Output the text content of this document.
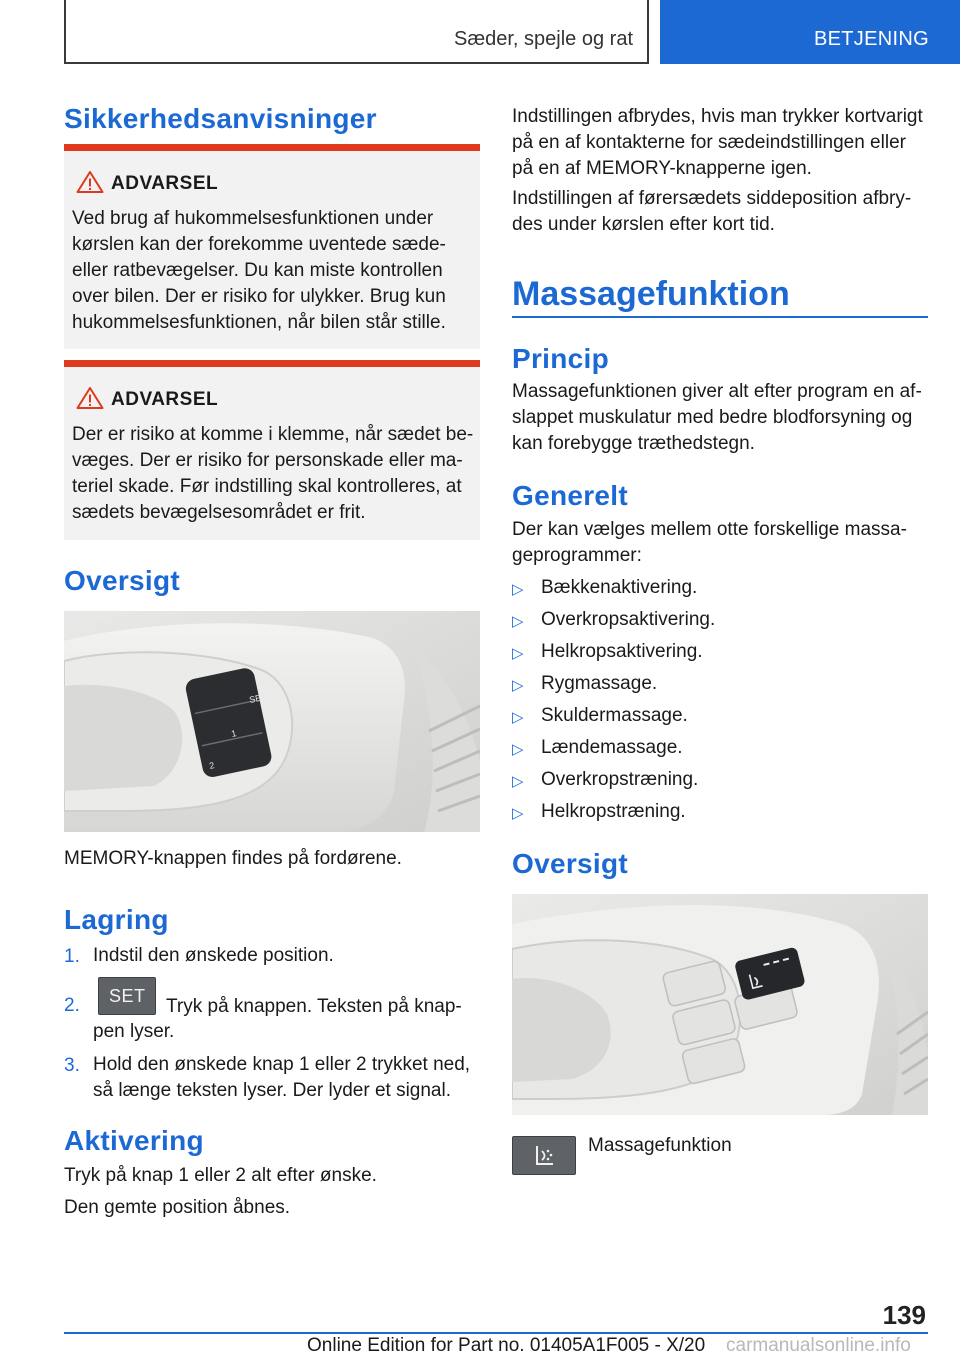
Sæder, spejle og rat	BETJENING
Sikkerhedsanvisninger
ADVARSEL
Ved brug af hukommelsesfunktionen under
kørslen kan der forekomme uventede sæde-
eller ratbevægelser. Du kan miste kontrollen
over bilen. Der er risiko for ulykker. Brug kun
hukommelsesfunktionen, når bilen står stille.
ADVARSEL
Der er risiko at komme i klemme, når sædet be-
væges. Der er risiko for personskade eller ma-
teriel skade. Før indstilling skal kontrolleres, at
sædets bevægelsesområdet er frit.
Oversigt
SET
1
2
MEMORY-knappen findes på fordørene.
Lagring
1. Indstil den ønskede position.
2. SET Tryk på knappen. Teksten på knap-
pen lyser.
3. Hold den ønskede knap 1 eller 2 trykket ned,
så længe teksten lyser. Der lyder et signal.
Aktivering
Tryk på knap 1 eller 2 alt efter ønske.
Den gemte position åbnes.
Indstillingen afbrydes, hvis man trykker kortvarigt
på en af kontakterne for sædeindstillingen eller
på en af MEMORY-knapperne igen.
Indstillingen af førersædets siddeposition afbry-
des under kørslen efter kort tid.
Massagefunktion
Princip
Massagefunktionen giver alt efter program en af-
slappet muskulatur med bedre blodforsyning og
kan forebygge træthedstegn.
Generelt
Der kan vælges mellem otte forskellige massa-
geprogrammer:
▷ Bækkenaktivering.
▷ Overkropsaktivering.
▷ Helkropsaktivering.
▷ Rygmassage.
▷ Skuldermassage.
▷ Lændemassage.
▷ Overkropstræning.
▷ Helkropstræning.
Oversigt
Massagefunktion
139
Online Edition for Part no. 01405A1F005 - X/20 carmanualsonline.info
